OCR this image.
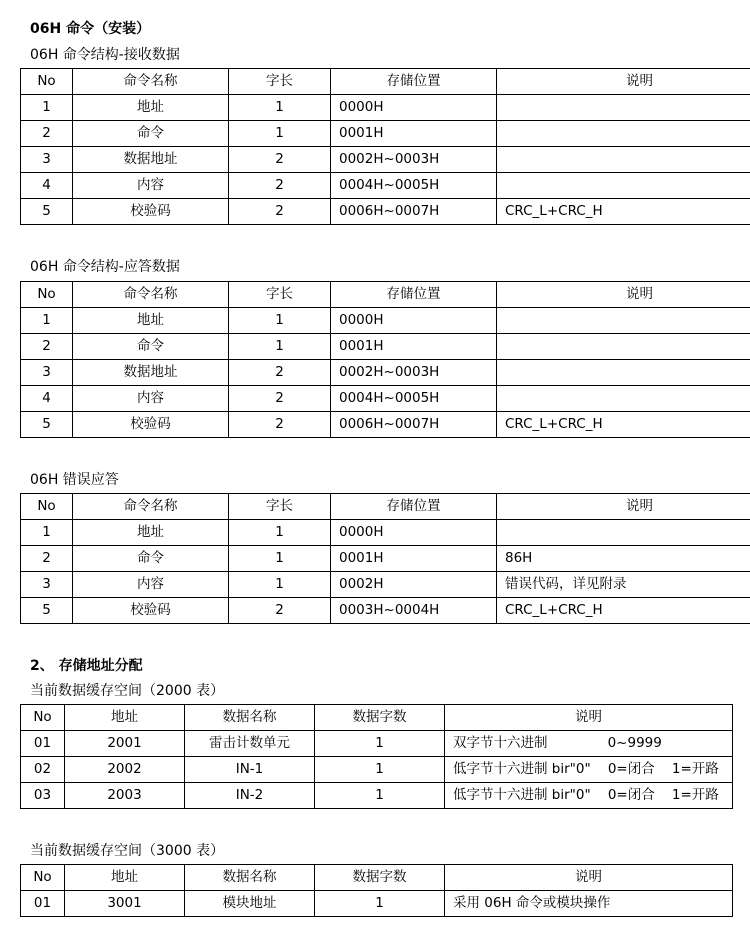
06H 命令（安装）
06H 命令结构-接收数据
No	命令名称	字长	存储位置	说明
1	地址	1	0000H	
2	命令	1	0001H	
3	数据地址	2	0002H~0003H	
4	内容	2	0004H~0005H	
5	校验码	2	0006H~0007H	CRC_L+CRC_H
06H 命令结构-应答数据
No	命令名称	字长	存储位置	说明
1	地址	1	0000H	
2	命令	1	0001H	
3	数据地址	2	0002H~0003H	
4	内容	2	0004H~0005H	
5	校验码	2	0006H~0007H	CRC_L+CRC_H
06H 错误应答
No	命令名称	字长	存储位置	说明
1	地址	1	0000H	
2	命令	1	0001H	86H
3	内容	1	0002H	错误代码，详见附录
5	校验码	2	0003H~0004H	CRC_L+CRC_H
2、 存储地址分配
当前数据缓存空间（2000 表）
No	地址	数据名称	数据字数	说明
01	2001	雷击计数单元	1	双字节十六进制              0~9999
02	2002	IN-1	1	低字节十六进制 bir"0"    0=闭合    1=开路
03	2003	IN-2	1	低字节十六进制 bir"0"    0=闭合    1=开路
当前数据缓存空间（3000 表）
No	地址	数据名称	数据字数	说明
01	3001	模块地址	1	采用 06H 命令或模块操作
